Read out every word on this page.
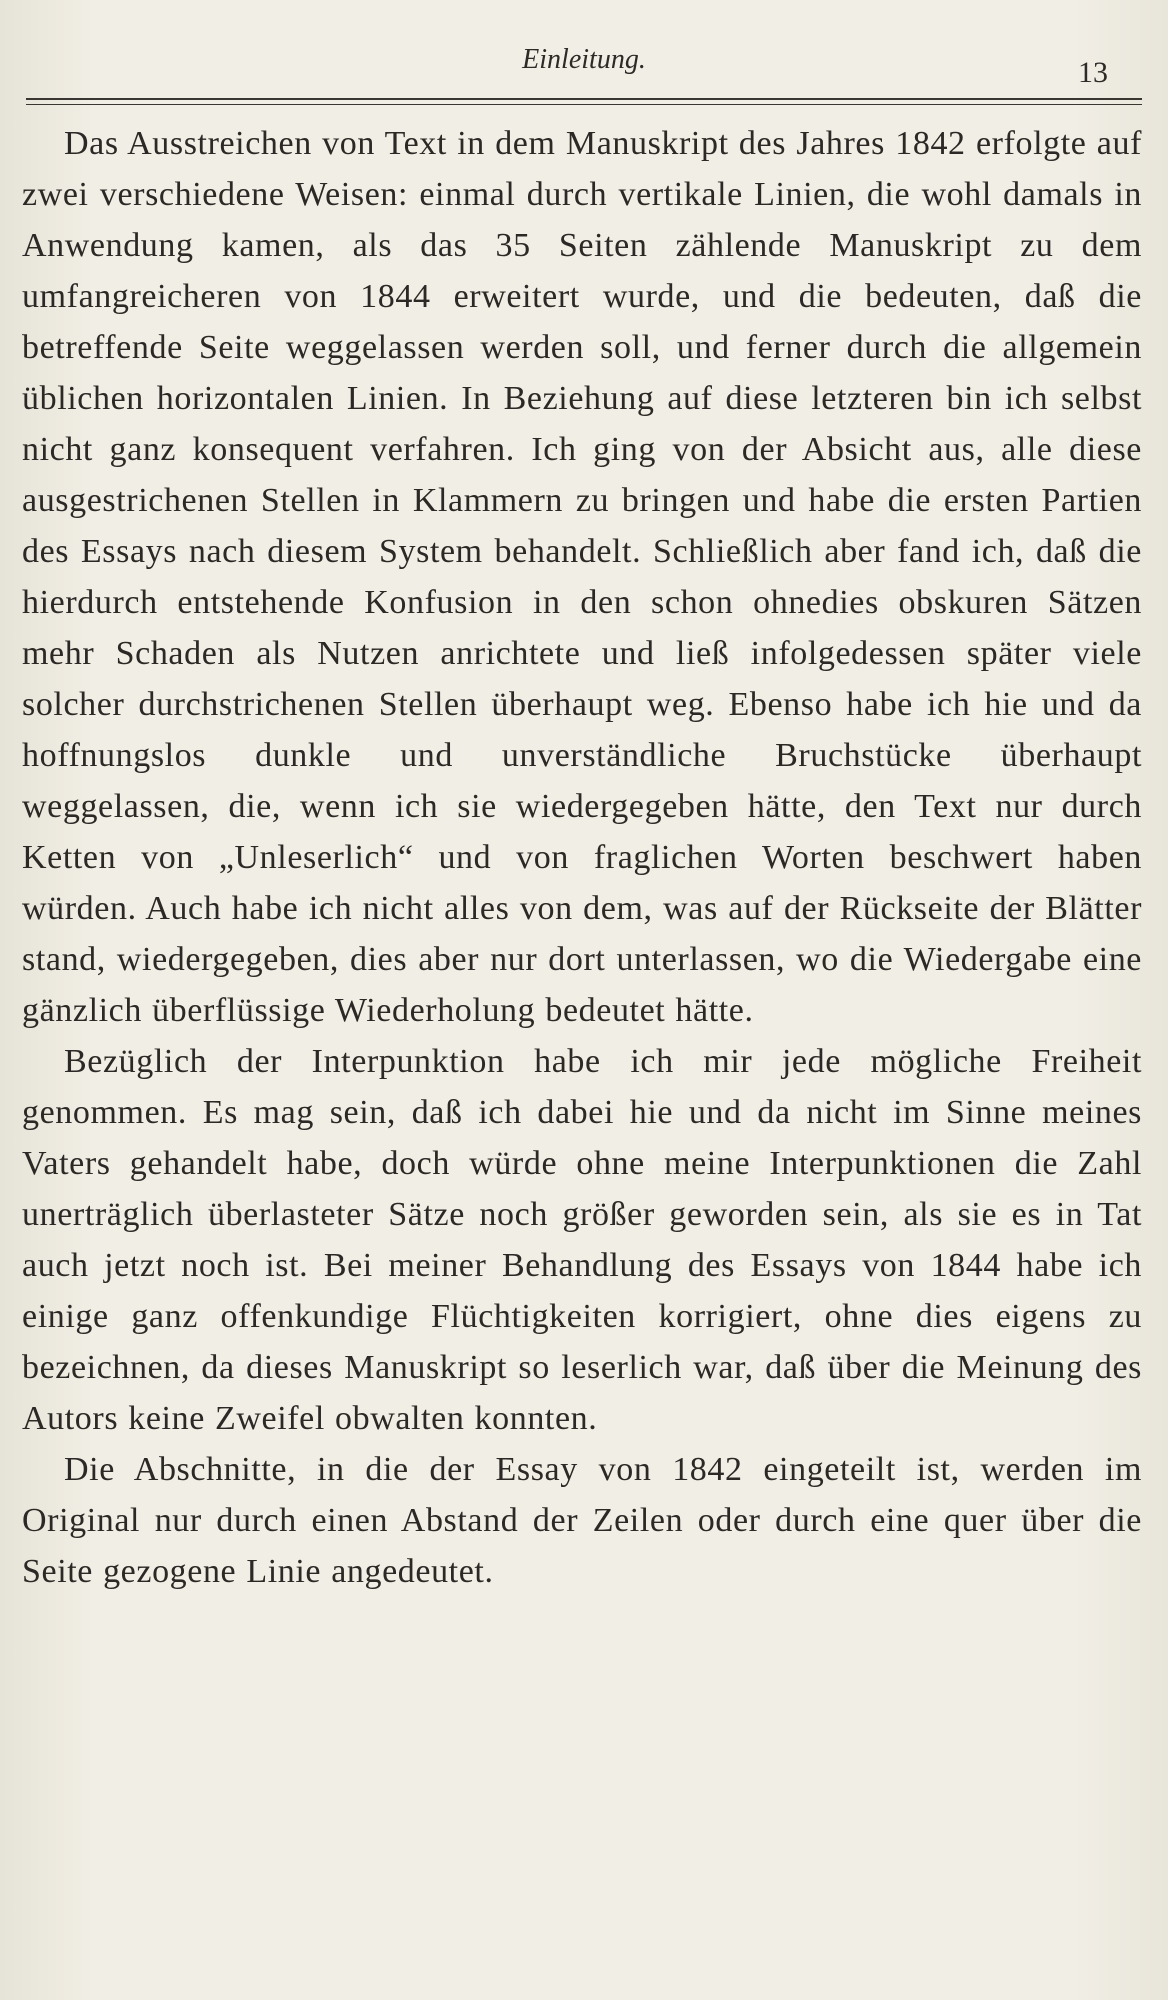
Einleitung.	13

Das Ausstreichen von Text in dem Manuskript des Jahres 1842 erfolgte auf zwei verschiedene Weisen: einmal durch vertikale Linien, die wohl damals in Anwendung kamen, als das 35 Seiten zählende Manuskript zu dem umfangreicheren von 1844 erweitert wurde, und die bedeuten, daß die betreffende Seite weggelassen werden soll, und ferner durch die allgemein üblichen horizontalen Linien. In Beziehung auf diese letzteren bin ich selbst nicht ganz konsequent verfahren. Ich ging von der Absicht aus, alle diese ausgestrichenen Stellen in Klammern zu bringen und habe die ersten Partien des Essays nach diesem System behandelt. Schließlich aber fand ich, daß die hierdurch entstehende Konfusion in den schon ohnedies obskuren Sätzen mehr Schaden als Nutzen anrichtete und ließ infolgedessen später viele solcher durchstrichenen Stellen überhaupt weg. Ebenso habe ich hie und da hoffnungslos dunkle und unverständliche Bruchstücke überhaupt weggelassen, die, wenn ich sie wiedergegeben hätte, den Text nur durch Ketten von „Unleserlich“ und von fraglichen Worten beschwert haben würden. Auch habe ich nicht alles von dem, was auf der Rückseite der Blätter stand, wiedergegeben, dies aber nur dort unterlassen, wo die Wiedergabe eine gänzlich überflüssige Wiederholung bedeutet hätte.

Bezüglich der Interpunktion habe ich mir jede mögliche Freiheit genommen. Es mag sein, daß ich dabei hie und da nicht im Sinne meines Vaters gehandelt habe, doch würde ohne meine Interpunktionen die Zahl unerträglich überlasteter Sätze noch größer geworden sein, als sie es in Tat auch jetzt noch ist. Bei meiner Behandlung des Essays von 1844 habe ich einige ganz offenkundige Flüchtigkeiten korrigiert, ohne dies eigens zu bezeichnen, da dieses Manuskript so leserlich war, daß über die Meinung des Autors keine Zweifel obwalten konnten.

Die Abschnitte, in die der Essay von 1842 eingeteilt ist, werden im Original nur durch einen Abstand der Zeilen oder durch eine quer über die Seite gezogene Linie angedeutet.
